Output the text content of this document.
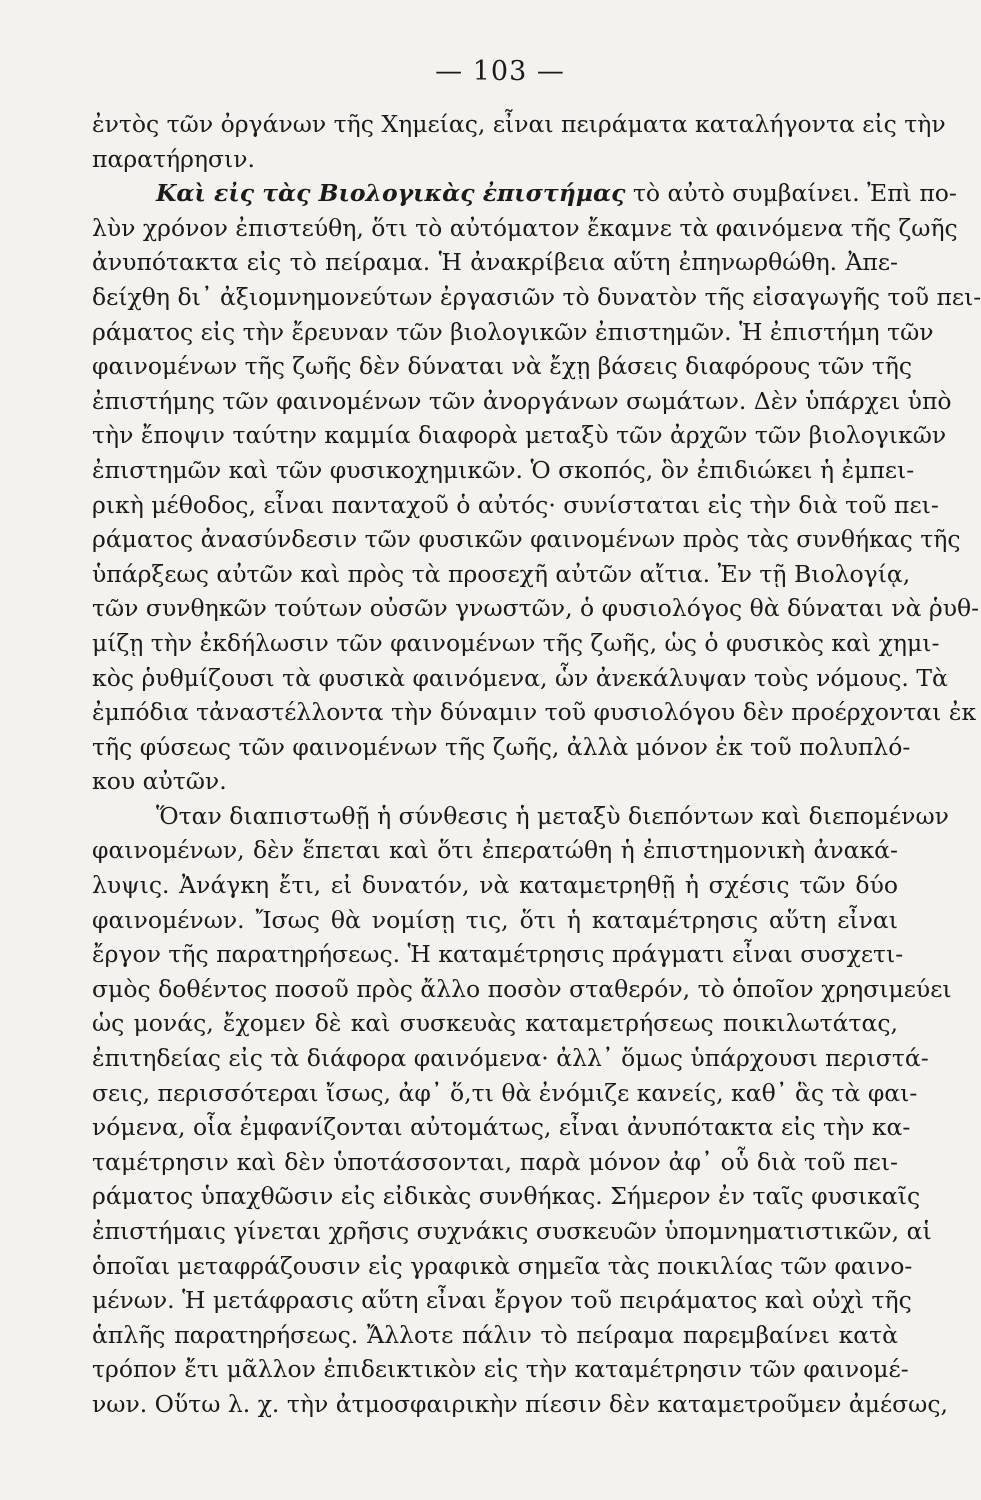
— 103 —
ἐντὸς τῶν ὀργάνων τῆς Χημείας, εἶναι πειράματα καταλήγοντα εἰς τὴν
παρατήρησιν.
Καὶ εἰς τὰς Βιολογικὰς ἐπιστήμας τὸ αὐτὸ συμβαίνει. Ἐπὶ πο-
λὺν χρόνον ἐπιστεύθη, ὅτι τὸ αὐτόματον ἔκαμνε τὰ φαινόμενα τῆς ζωῆς
ἀνυπότακτα εἰς τὸ πείραμα. Ἡ ἀνακρίβεια αὕτη ἐπηνωρθώθη. Ἀπε-
δείχθη δι᾽ ἀξιομνημονεύτων ἐργασιῶν τὸ δυνατὸν τῆς εἰσαγωγῆς τοῦ πει-
ράματος εἰς τὴν ἔρευναν τῶν βιολογικῶν ἐπιστημῶν. Ἡ ἐπιστήμη τῶν
φαινομένων τῆς ζωῆς δὲν δύναται νὰ ἔχῃ βάσεις διαφόρους τῶν τῆς
ἐπιστήμης τῶν φαινομένων τῶν ἀνοργάνων σωμάτων. Δὲν ὑπάρχει ὑπὸ
τὴν ἔποψιν ταύτην καμμία διαφορὰ μεταξὺ τῶν ἀρχῶν τῶν βιολογικῶν
ἐπιστημῶν καὶ τῶν φυσικοχημικῶν. Ὁ σκοπός, ὃν ἐπιδιώκει ἡ ἐμπει-
ρικὴ μέθοδος, εἶναι πανταχοῦ ὁ αὐτός· συνίσταται εἰς τὴν διὰ τοῦ πει-
ράματος ἀνασύνδεσιν τῶν φυσικῶν φαινομένων πρὸς τὰς συνθήκας τῆς
ὑπάρξεως αὐτῶν καὶ πρὸς τὰ προσεχῆ αὐτῶν αἴτια. Ἐν τῇ Βιολογίᾳ,
τῶν συνθηκῶν τούτων οὐσῶν γνωστῶν, ὁ φυσιολόγος θὰ δύναται νὰ ῥυθ-
μίζῃ τὴν ἐκδήλωσιν τῶν φαινομένων τῆς ζωῆς, ὡς ὁ φυσικὸς καὶ χημι-
κὸς ῥυθμίζουσι τὰ φυσικὰ φαινόμενα, ὧν ἀνεκάλυψαν τοὺς νόμους. Τὰ
ἐμπόδια τἀναστέλλοντα τὴν δύναμιν τοῦ φυσιολόγου δὲν προέρχονται ἐκ
τῆς φύσεως τῶν φαινομένων τῆς ζωῆς, ἀλλὰ μόνον ἐκ τοῦ πολυπλό-
κου αὐτῶν.
Ὅταν διαπιστωθῇ ἡ σύνθεσις ἡ μεταξὺ διεπόντων καὶ διεπομένων
φαινομένων, δὲν ἕπεται καὶ ὅτι ἐπερατώθη ἡ ἐπιστημονικὴ ἀνακά-
λυψις. Ἀνάγκη ἔτι, εἰ δυνατόν, νὰ καταμετρηθῇ ἡ σχέσις τῶν δύο
φαινομένων. Ἴσως θὰ νομίσῃ τις, ὅτι ἡ καταμέτρησις αὕτη εἶναι
ἔργον τῆς παρατηρήσεως. Ἡ καταμέτρησις πράγματι εἶναι συσχετι-
σμὸς δοθέντος ποσοῦ πρὸς ἄλλο ποσὸν σταθερόν, τὸ ὁποῖον χρησιμεύει
ὡς μονάς, ἔχομεν δὲ καὶ συσκευὰς καταμετρήσεως ποικιλωτάτας,
ἐπιτηδείας εἰς τὰ διάφορα φαινόμενα· ἀλλ᾽ ὅμως ὑπάρχουσι περιστά-
σεις, περισσότεραι ἴσως, ἀφ᾽ ὅ,τι θὰ ἐνόμιζε κανείς, καθ᾽ ἃς τὰ φαι-
νόμενα, οἷα ἐμφανίζονται αὐτομάτως, εἶναι ἀνυπότακτα εἰς τὴν κα-
ταμέτρησιν καὶ δὲν ὑποτάσσονται, παρὰ μόνον ἀφ᾽ οὗ διὰ τοῦ πει-
ράματος ὑπαχθῶσιν εἰς εἰδικὰς συνθήκας. Σήμερον ἐν ταῖς φυσικαῖς
ἐπιστήμαις γίνεται χρῆσις συχνάκις συσκευῶν ὑπομνηματιστικῶν, αἱ
ὁποῖαι μεταφράζουσιν εἰς γραφικὰ σημεῖα τὰς ποικιλίας τῶν φαινο-
μένων. Ἡ μετάφρασις αὕτη εἶναι ἔργον τοῦ πειράματος καὶ οὐχὶ τῆς
ἁπλῆς παρατηρήσεως. Ἄλλοτε πάλιν τὸ πείραμα παρεμβαίνει κατὰ
τρόπον ἔτι μᾶλλον ἐπιδεικτικὸν εἰς τὴν καταμέτρησιν τῶν φαινομέ-
νων. Οὕτω λ. χ. τὴν ἀτμοσφαιρικὴν πίεσιν δὲν καταμετροῦμεν ἀμέσως,
